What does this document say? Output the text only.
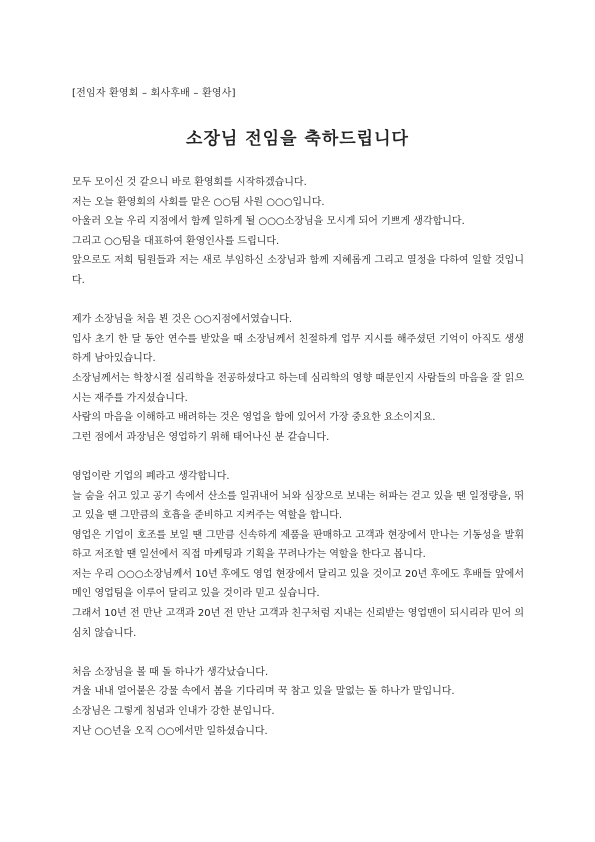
[전임자 환영회 – 회사후배 – 환영사]
소장님 전임을 축하드립니다
모두 모이신 것 같으니 바로 환영회를 시작하겠습니다.
저는 오늘 환영회의 사회를 맡은 ○○팀 사원 ○○○입니다.
아울러 오늘 우리 지점에서 함께 일하게 될 ○○○소장님을 모시게 되어 기쁘게 생각합니다.
그리고 ○○팀을 대표하여 환영인사를 드립니다.
앞으로도 저희 팀원들과 저는 새로 부임하신 소장님과 함께 지혜롭게 그리고 열정을 다하여 일할 것입니다.
제가 소장님을 처음 뵌 것은 ○○지점에서였습니다.
입사 초기 한 달 동안 연수를 받았을 때 소장님께서 친절하게 업무 지시를 해주셨던 기억이 아직도 생생하게 남아있습니다.
소장님께서는 학창시절 심리학을 전공하셨다고 하는데 심리학의 영향 때문인지 사람들의 마음을 잘 읽으시는 재주를 가지셨습니다.
사람의 마음을 이해하고 배려하는 것은 영업을 함에 있어서 가장 중요한 요소이지요.
그런 점에서 과장님은 영업하기 위해 태어나신 분 같습니다.
영업이란 기업의 폐라고 생각합니다.
늘 숨을 쉬고 있고 공기 속에서 산소를 일궈내어 뇌와 심장으로 보내는 허파는 걷고 있을 땐 일정량을, 뛰고 있을 땐 그만큼의 호흡을 준비하고 지켜주는 역할을 합니다.
영업은 기업이 호조를 보일 땐 그만큼 신속하게 제품을 판매하고 고객과 현장에서 만나는 기동성을 발휘하고 저조할 땐 일선에서 직접 마케팅과 기획을 꾸려나가는 역할을 한다고 봅니다.
저는 우리 ○○○소장님께서 10년 후에도 영업 현장에서 달리고 있을 것이고 20년 후에도 후배들 앞에서 메인 영업팀을 이루어 달리고 있을 것이라 믿고 싶습니다.
그래서 10년 전 만난 고객과 20년 전 만난 고객과 친구처럼 지내는 신뢰받는 영업맨이 되시리라 믿어 의심치 않습니다.
처음 소장님을 볼 때 돌 하나가 생각났습니다.
겨울 내내 얼어붙은 강물 속에서 봄을 기다리며 꾹 참고 있을 말없는 돌 하나가 말입니다.
소장님은 그렇게 침념과 인내가 강한 분입니다.
지난 ○○년을 오직 ○○에서만 일하셨습니다.
